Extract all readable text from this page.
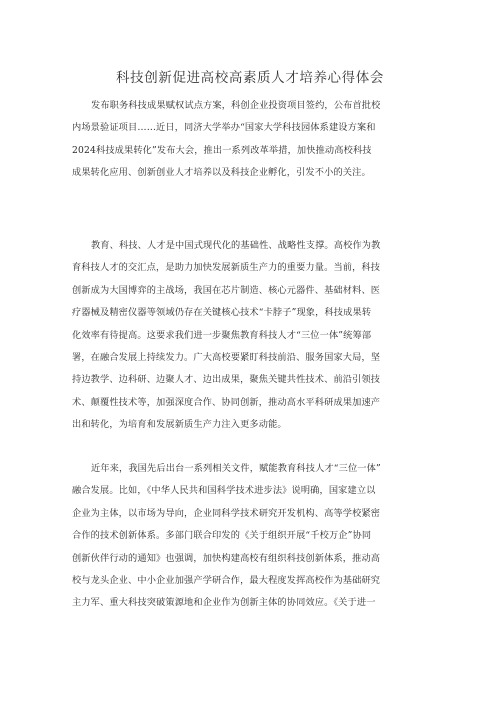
科技创新促进高校高素质人才培养心得体会

发布职务科技成果赋权试点方案，科创企业投资项目签约，公布首批校
内场景验证项目……近日，同济大学举办“国家大学科技园体系建设方案和
2024科技成果转化”发布大会，推出一系列改革举措，加快推动高校科技
成果转化应用、创新创业人才培养以及科技企业孵化，引发不小的关注。

教育、科技、人才是中国式现代化的基础性、战略性支撑。高校作为教
育科技人才的交汇点，是助力加快发展新质生产力的重要力量。当前，科技
创新成为大国博弈的主战场，我国在芯片制造、核心元器件、基础材料、医
疗器械及精密仪器等领域仍存在关键核心技术“卡脖子”现象，科技成果转
化效率有待提高。这要求我们进一步聚焦教育科技人才“三位一体”统筹部
署，在融合发展上持续发力。广大高校要紧盯科技前沿、服务国家大局，坚
持边教学、边科研、边聚人才、边出成果，聚焦关键共性技术、前沿引领技
术、颠覆性技术等，加强深度合作、协同创新，推动高水平科研成果加速产
出和转化，为培育和发展新质生产力注入更多动能。

近年来，我国先后出台一系列相关文件，赋能教育科技人才“三位一体”
融合发展。比如，《中华人民共和国科学技术进步法》说明确，国家建立以
企业为主体，以市场为导向，企业同科学技术研究开发机构、高等学校紧密
合作的技术创新体系。多部门联合印发的《关于组织开展“千校万企”协同
创新伙伴行动的通知》也强调，加快构建高校有组织科技创新体系，推动高
校与龙头企业、中小企业加强产学研合作，最大程度发挥高校作为基础研究
主力军、重大科技突破策源地和企业作为创新主体的协同效应。《关于进一
